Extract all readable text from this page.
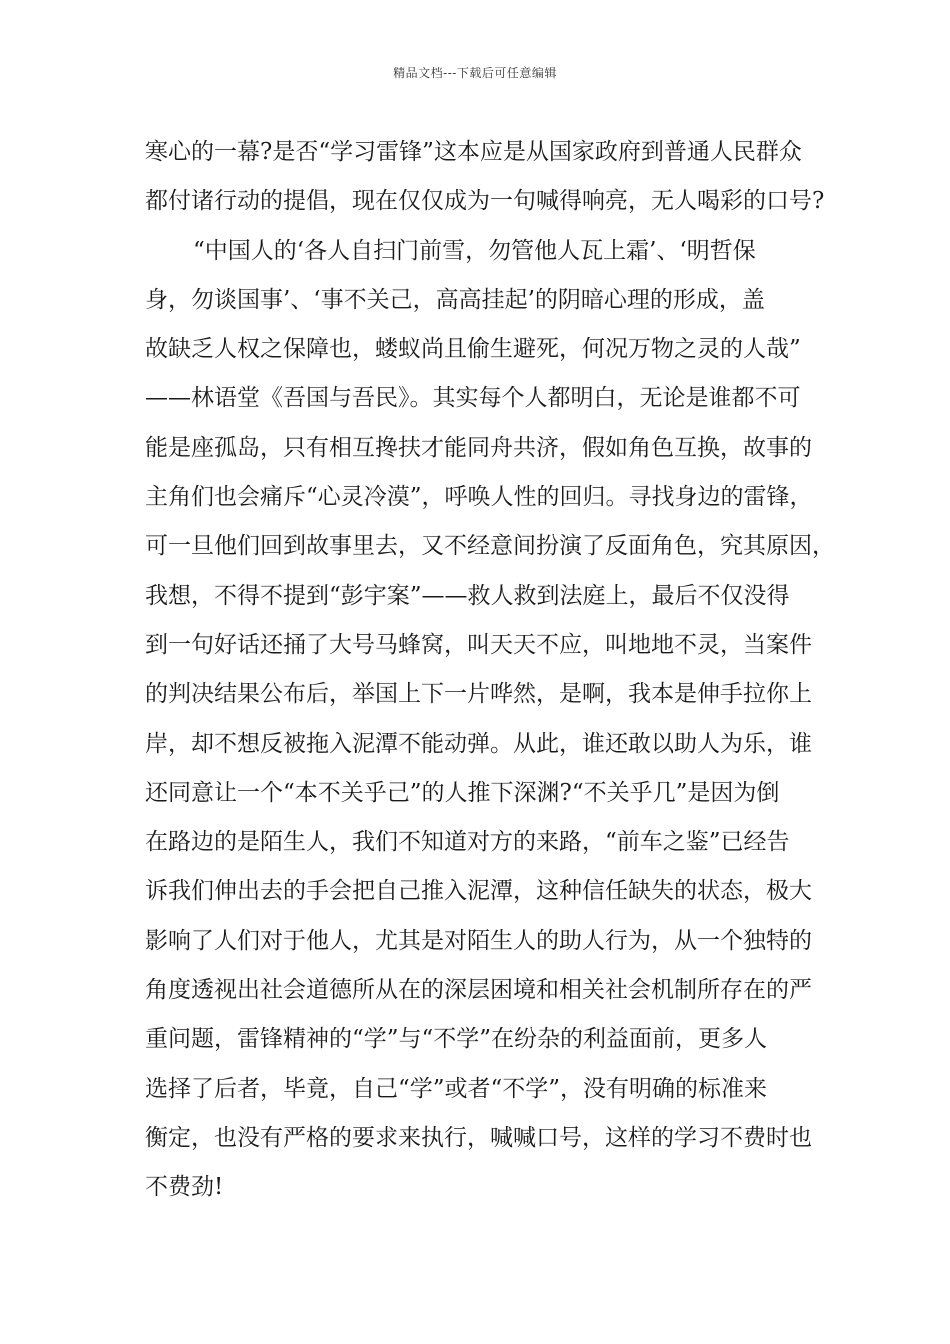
精品文档---下载后可任意编辑
寒心的一幕?是否“学习雷锋”这本应是从国家政府到普通人民群众
都付诸行动的提倡，现在仅仅成为一句喊得响亮，无人喝彩的口号?
“中国人的‘各人自扫门前雪，勿管他人瓦上霜’、‘明哲保
身，勿谈国事’、‘事不关己，高高挂起’的阴暗心理的形成，盖
故缺乏人权之保障也，蝼蚁尚且偷生避死，何况万物之灵的人哉”
——林语堂《吾国与吾民》。其实每个人都明白，无论是谁都不可
能是座孤岛，只有相互搀扶才能同舟共济，假如角色互换，故事的
主角们也会痛斥“心灵冷漠”，呼唤人性的回归。寻找身边的雷锋，
可一旦他们回到故事里去，又不经意间扮演了反面角色，究其原因，
我想，不得不提到“彭宇案”——救人救到法庭上，最后不仅没得
到一句好话还捅了大号马蜂窝，叫天天不应，叫地地不灵，当案件
的判决结果公布后，举国上下一片哗然，是啊，我本是伸手拉你上
岸，却不想反被拖入泥潭不能动弹。从此，谁还敢以助人为乐，谁
还同意让一个“本不关乎己”的人推下深渊?“不关乎几”是因为倒
在路边的是陌生人，我们不知道对方的来路，“前车之鉴”已经告
诉我们伸出去的手会把自己推入泥潭，这种信任缺失的状态，极大
影响了人们对于他人，尤其是对陌生人的助人行为，从一个独特的
角度透视出社会道德所从在的深层困境和相关社会机制所存在的严
重问题，雷锋精神的“学”与“不学”在纷杂的利益面前，更多人
选择了后者，毕竟，自己“学”或者“不学”，没有明确的标准来
衡定，也没有严格的要求来执行，喊喊口号，这样的学习不费时也
不费劲!
